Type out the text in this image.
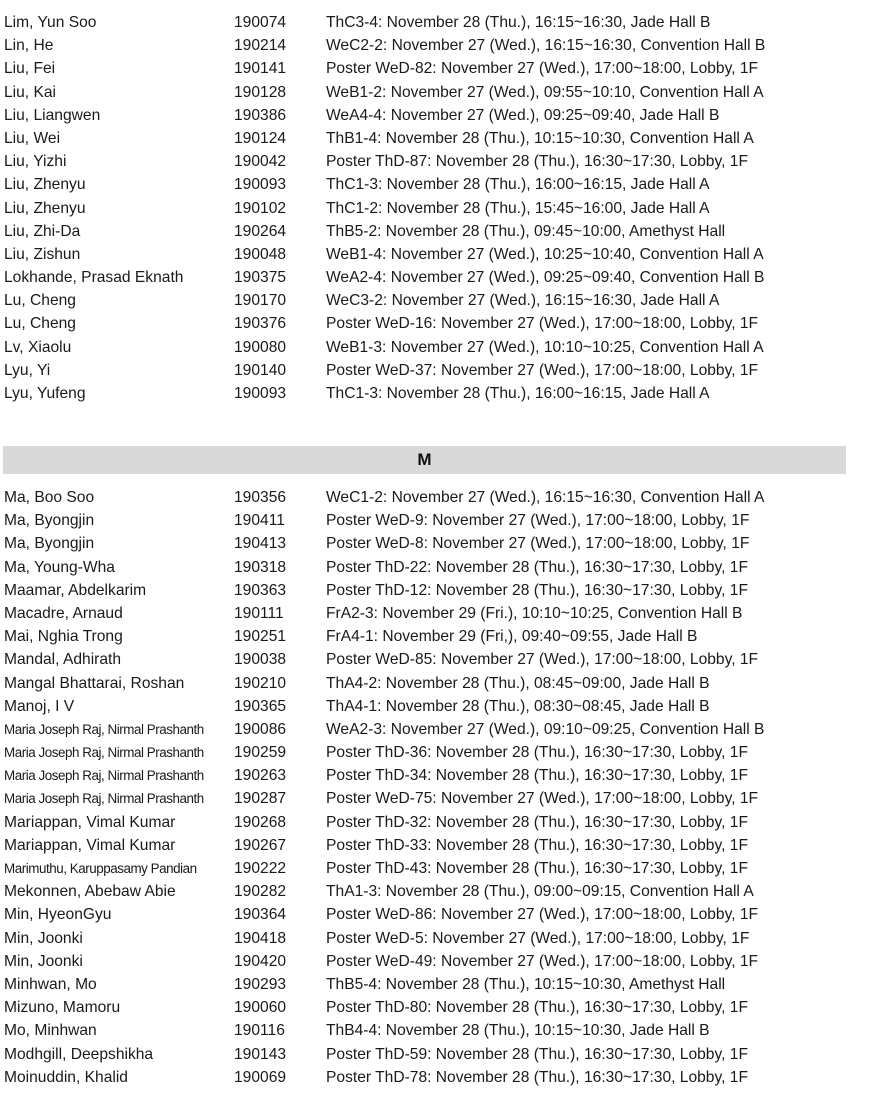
Lim, Yun Soo	190074	ThC3-4: November 28 (Thu.), 16:15~16:30, Jade Hall B
Lin, He	190214	WeC2-2: November 27 (Wed.), 16:15~16:30, Convention Hall B
Liu, Fei	190141	Poster WeD-82: November 27 (Wed.), 17:00~18:00, Lobby, 1F
Liu, Kai	190128	WeB1-2: November 27 (Wed.), 09:55~10:10, Convention Hall A
Liu, Liangwen	190386	WeA4-4: November 27 (Wed.), 09:25~09:40, Jade Hall B
Liu, Wei	190124	ThB1-4: November 28 (Thu.), 10:15~10:30, Convention Hall A
Liu, Yizhi	190042	Poster ThD-87: November 28 (Thu.), 16:30~17:30, Lobby, 1F
Liu, Zhenyu	190093	ThC1-3: November 28 (Thu.), 16:00~16:15, Jade Hall A
Liu, Zhenyu	190102	ThC1-2: November 28 (Thu.), 15:45~16:00, Jade Hall A
Liu, Zhi-Da	190264	ThB5-2: November 28 (Thu.), 09:45~10:00, Amethyst Hall
Liu, Zishun	190048	WeB1-4: November 27 (Wed.), 10:25~10:40, Convention Hall A
Lokhande, Prasad Eknath	190375	WeA2-4: November 27 (Wed.), 09:25~09:40, Convention Hall B
Lu, Cheng	190170	WeC3-2: November 27 (Wed.), 16:15~16:30, Jade Hall A
Lu, Cheng	190376	Poster WeD-16: November 27 (Wed.), 17:00~18:00, Lobby, 1F
Lv, Xiaolu	190080	WeB1-3: November 27 (Wed.), 10:10~10:25, Convention Hall A
Lyu, Yi	190140	Poster WeD-37: November 27 (Wed.), 17:00~18:00, Lobby, 1F
Lyu, Yufeng	190093	ThC1-3: November 28 (Thu.), 16:00~16:15, Jade Hall A
M
Ma, Boo Soo	190356	WeC1-2: November 27 (Wed.), 16:15~16:30, Convention Hall A
Ma, Byongjin	190411	Poster WeD-9: November 27 (Wed.), 17:00~18:00, Lobby, 1F
Ma, Byongjin	190413	Poster WeD-8: November 27 (Wed.), 17:00~18:00, Lobby, 1F
Ma, Young-Wha	190318	Poster ThD-22: November 28 (Thu.), 16:30~17:30, Lobby, 1F
Maamar, Abdelkarim	190363	Poster ThD-12: November 28 (Thu.), 16:30~17:30, Lobby, 1F
Macadre, Arnaud	190111	FrA2-3: November 29 (Fri.), 10:10~10:25, Convention Hall B
Mai, Nghia Trong	190251	FrA4-1: November 29 (Fri,), 09:40~09:55, Jade Hall B
Mandal, Adhirath	190038	Poster WeD-85: November 27 (Wed.), 17:00~18:00, Lobby, 1F
Mangal Bhattarai, Roshan	190210	ThA4-2: November 28 (Thu.), 08:45~09:00, Jade Hall B
Manoj, I V	190365	ThA4-1: November 28 (Thu.), 08:30~08:45, Jade Hall B
Maria Joseph Raj, Nirmal Prashanth	190086	WeA2-3: November 27 (Wed.), 09:10~09:25, Convention Hall B
Maria Joseph Raj, Nirmal Prashanth	190259	Poster ThD-36: November 28 (Thu.), 16:30~17:30, Lobby, 1F
Maria Joseph Raj, Nirmal Prashanth	190263	Poster ThD-34: November 28 (Thu.), 16:30~17:30, Lobby, 1F
Maria Joseph Raj, Nirmal Prashanth	190287	Poster WeD-75: November 27 (Wed.), 17:00~18:00, Lobby, 1F
Mariappan, Vimal Kumar	190268	Poster ThD-32: November 28 (Thu.), 16:30~17:30, Lobby, 1F
Mariappan, Vimal Kumar	190267	Poster ThD-33: November 28 (Thu.), 16:30~17:30, Lobby, 1F
Marimuthu, Karuppasamy Pandian	190222	Poster ThD-43: November 28 (Thu.), 16:30~17:30, Lobby, 1F
Mekonnen, Abebaw Abie	190282	ThA1-3: November 28 (Thu.), 09:00~09:15, Convention Hall A
Min, HyeonGyu	190364	Poster WeD-86: November 27 (Wed.), 17:00~18:00, Lobby, 1F
Min, Joonki	190418	Poster WeD-5: November 27 (Wed.), 17:00~18:00, Lobby, 1F
Min, Joonki	190420	Poster WeD-49: November 27 (Wed.), 17:00~18:00, Lobby, 1F
Minhwan, Mo	190293	ThB5-4: November 28 (Thu.), 10:15~10:30, Amethyst Hall
Mizuno, Mamoru	190060	Poster ThD-80: November 28 (Thu.), 16:30~17:30, Lobby, 1F
Mo, Minhwan	190116	ThB4-4: November 28 (Thu.), 10:15~10:30, Jade Hall B
Modhgill, Deepshikha	190143	Poster ThD-59: November 28 (Thu.), 16:30~17:30, Lobby, 1F
Moinuddin, Khalid	190069	Poster ThD-78: November 28 (Thu.), 16:30~17:30, Lobby, 1F
